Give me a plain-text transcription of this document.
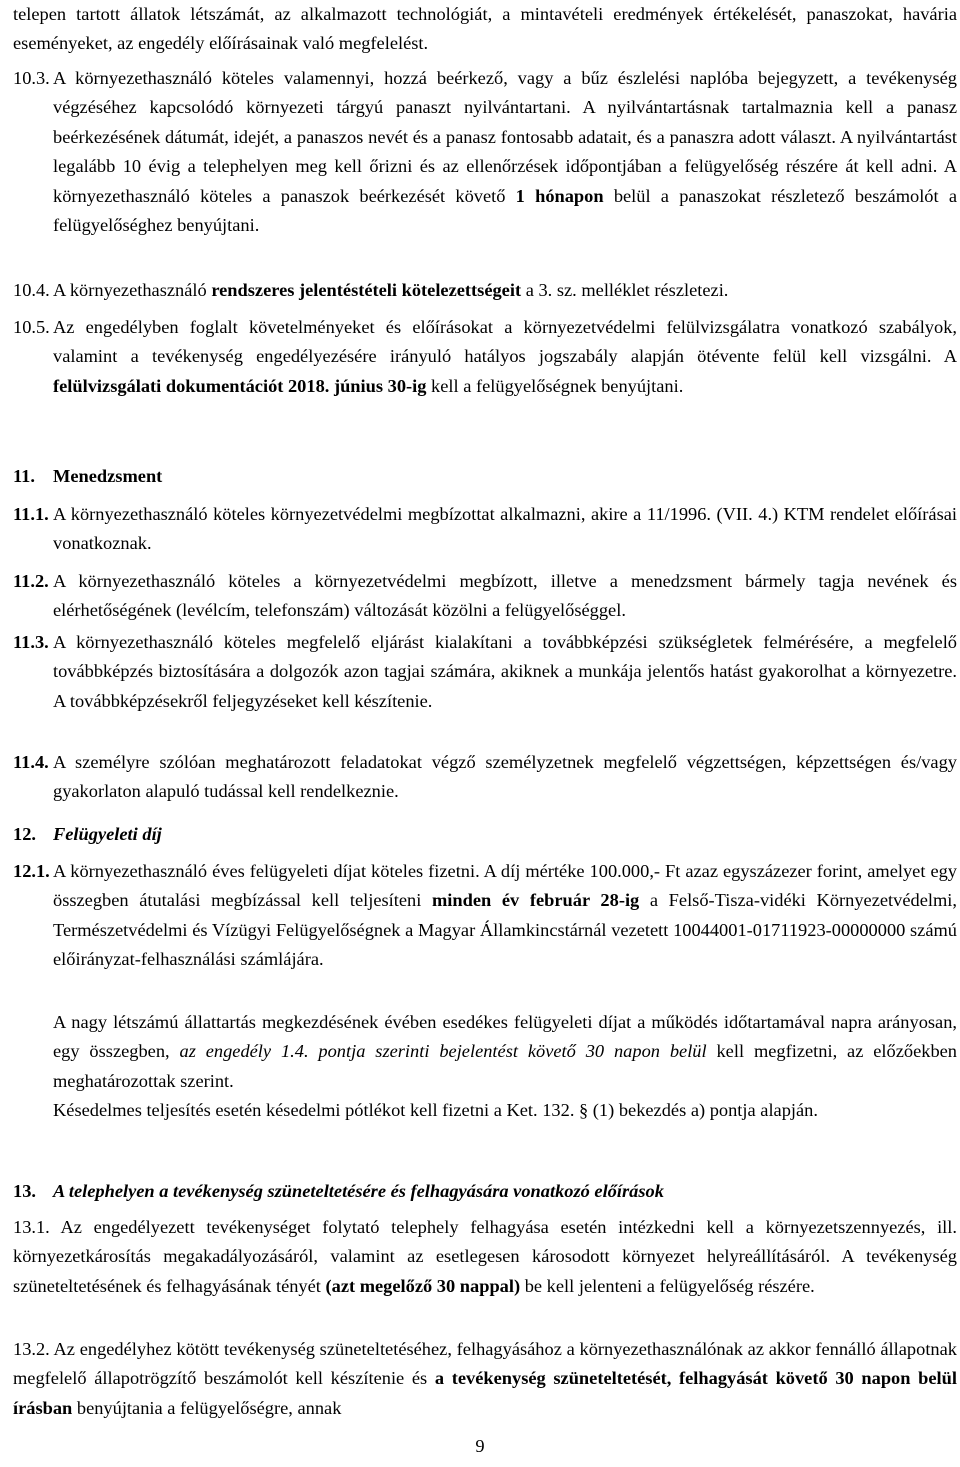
telepen tartott állatok létszámát, az alkalmazott technológiát, a mintavételi eredmények értékelését, panaszokat, havária eseményeket, az engedély előírásainak való megfelelést.

10.3. A környezethasználó köteles valamennyi, hozzá beérkező, vagy a bűz észlelési naplóba bejegyzett, a tevékenység végzéséhez kapcsolódó környezeti tárgyú panaszt nyilvántartani. A nyilvántartásnak tartalmaznia kell a panasz beérkezésének dátumát, idejét, a panaszos nevét és a panasz fontosabb adatait, és a panaszra adott választ. A nyilvántartást legalább 10 évig a telephelyen meg kell őrizni és az ellenőrzések időpontjában a felügyelőség részére át kell adni. A környezethasználó köteles a panaszok beérkezését követő 1 hónapon belül a panaszokat részletező beszámolót a felügyelőséghez benyújtani.

10.4. A környezethasználó rendszeres jelentéstételi kötelezettségeit a 3. sz. melléklet részletezi.

10.5. Az engedélyben foglalt követelményeket és előírásokat a környezetvédelmi felülvizsgálatra vonatkozó szabályok, valamint a tevékenység engedélyezésére irányuló hatályos jogszabály alapján ötévente felül kell vizsgálni. A felülvizsgálati dokumentációt 2018. június 30-ig kell a felügyelőségnek benyújtani.

11. Menedzsment
11.1. A környezethasználó köteles környezetvédelmi megbízottat alkalmazni, akire a 11/1996. (VII. 4.) KTM rendelet előírásai vonatkoznak.

11.2. A környezethasználó köteles a környezetvédelmi megbízott, illetve a menedzsment bármely tagja nevének és elérhetőségének (levélcím, telefonszám) változását közölni a felügyelőséggel.

11.3. A környezethasználó köteles megfelelő eljárást kialakítani a továbbképzési szükségletek felmérésére, a megfelelő továbbképzés biztosítására a dolgozók azon tagjai számára, akiknek a munkája jelentős hatást gyakorolhat a környezetre. A továbbképzésekről feljegyzéseket kell készítenie.

11.4. A személyre szólóan meghatározott feladatokat végző személyzetnek megfelelő végzettségen, képzettségen és/vagy gyakorlaton alapuló tudással kell rendelkeznie.

12. Felügyeleti díj
12.1. A környezethasználó éves felügyeleti díjat köteles fizetni. A díj mértéke 100.000,- Ft azaz egyszázezer forint, amelyet egy összegben átutalási megbízással kell teljesíteni minden év február 28-ig a Felső-Tisza-vidéki Környezetvédelmi, Természetvédelmi és Vízügyi Felügyelőségnek a Magyar Államkincstárnál vezetett 10044001-01711923-00000000 számú előirányzat-felhasználási számlájára.

A nagy létszámú állattartás megkezdésének évében esedékes felügyeleti díjat a működés időtartamával napra arányosan, egy összegben, az engedély 1.4. pontja szerinti bejelentést követő 30 napon belül kell megfizetni, az előzőekben meghatározottak szerint.

Késedelmes teljesítés esetén késedelmi pótlékot kell fizetni a Ket. 132. § (1) bekezdés a) pontja alapján.

13. A telephelyen a tevékenység szüneteltetésére és felhagyására vonatkozó előírások

13.1. Az engedélyezett tevékenységet folytató telephely felhagyása esetén intézkedni kell a környezetszennyezés, ill. környezetkárosítás megakadályozásáról, valamint az esetlegesen károsodott környezet helyreállításáról. A tevékenység szüneteltetésének és felhagyásának tényét (azt megelőző 30 nappal) be kell jelenteni a felügyelőség részére.

13.2. Az engedélyhez kötött tevékenység szüneteltetéséhez, felhagyásához a környezethasználónak az akkor fennálló állapotnak megfelelő állapotrögzítő beszámolót kell készítenie és a tevékenység szüneteltetését, felhagyását követő 30 napon belül írásban benyújtania a felügyelőségre, annak

9
